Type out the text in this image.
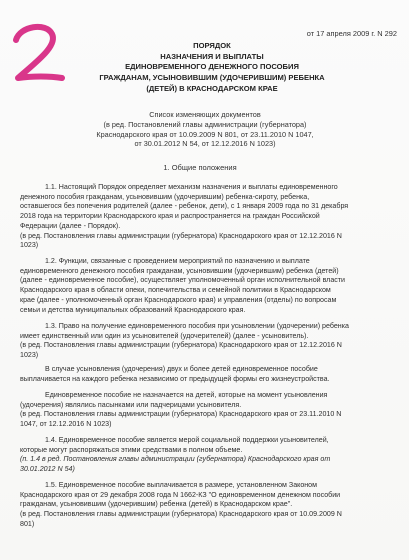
от 17 апреля 2009 г. N 292
ПОРЯДОК
НАЗНАЧЕНИЯ И ВЫПЛАТЫ
ЕДИНОВРЕМЕННОГО ДЕНЕЖНОГО ПОСОБИЯ
ГРАЖДАНАМ, УСЫНОВИВШИМ (УДОЧЕРИВШИМ) РЕБЕНКА
(ДЕТЕЙ) В КРАСНОДАРСКОМ КРАЕ
Список изменяющих документов
(в ред. Постановлений главы администрации (губернатора)
Краснодарского края от 10.09.2009 N 801, от 23.11.2010 N 1047,
от 30.01.2012 N 54, от 12.12.2016 N 1023)
1. Общие положения
1.1. Настоящий Порядок определяет механизм назначения и выплаты единовременного
денежного пособия гражданам, усыновившим (удочерившим) ребенка-сироту, ребенка,
оставшегося без попечения родителей (далее - ребенок, дети), с 1 января 2009 года по 31 декабря
2018 года на территории Краснодарского края и распространяется на граждан Российской
Федерации (далее - Порядок).
(в ред. Постановления главы администрации (губернатора) Краснодарского края от 12.12.2016 N
1023)
1.2. Функции, связанные с проведением мероприятий по назначению и выплате
единовременного денежного пособия гражданам, усыновившим (удочерившим) ребенка (детей)
(далее - единовременное пособие), осуществляет уполномоченный орган исполнительной власти
Краснодарского края в области опеки, попечительства и семейной политики в Краснодарском
крае (далее - уполномоченный орган Краснодарского края) и управления (отделы) по вопросам
семьи и детства муниципальных образований Краснодарского края.
1.3. Право на получение единовременного пособия при усыновлении (удочерении) ребенка
имеет единственный или один из усыновителей (удочерителей) (далее - усыновитель).
(в ред. Постановления главы администрации (губернатора) Краснодарского края от 12.12.2016 N
1023)
В случае усыновления (удочерения) двух и более детей единовременное пособие
выплачивается на каждого ребенка независимо от предыдущей формы его жизнеустройства.
Единовременное пособие не назначается на детей, которые на момент усыновления
(удочерения) являлись пасынками или падчерицами усыновителя.
(в ред. Постановления главы администрации (губернатора) Краснодарского края от 23.11.2010 N
1047, от 12.12.2016 N 1023)
1.4. Единовременное пособие является мерой социальной поддержки усыновителей,
которые могут распоряжаться этими средствами в полном объеме.
(п. 1.4 в ред. Постановления главы администрации (губернатора) Краснодарского края от
30.01.2012 N 54)
1.5. Единовременное пособие выплачивается в размере, установленном Законом
Краснодарского края от 29 декабря 2008 года N 1662-КЗ "О единовременном денежном пособии
гражданам, усыновившим (удочерившим) ребенка (детей) в Краснодарском крае".
(в ред. Постановления главы администрации (губернатора) Краснодарского края от 10.09.2009 N
801)
